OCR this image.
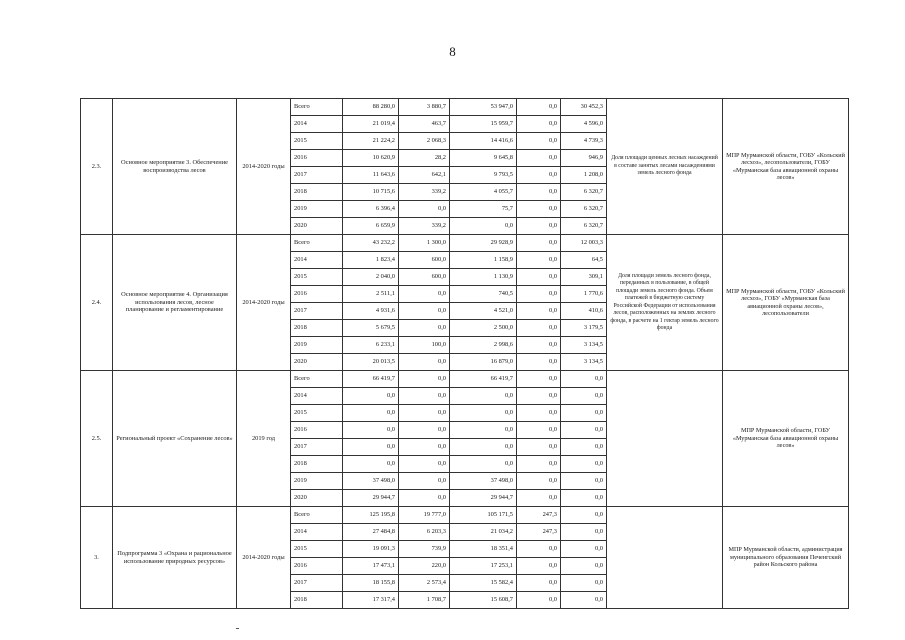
8
2.3.	Основное мероприятие 3. Обеспечение воспроизводства лесов	2014-2020 годы	Всего	88 280,0	3 880,7	53 947,0	0,0	30 452,3	Доля площади ценных лесных насаждений в составе занятых лесами насаждениями земель лесного фонда	МПР Мурманской области, ГОБУ «Кольский лесхоз», лесопользователи, ГОБУ «Мурманская база авиационной охраны лесов»
			2014	21 019,4	463,7	15 959,7	0,0	4 596,0		
			2015	21 224,2	2 068,3	14 416,6	0,0	4 739,3		
			2016	10 620,9	28,2	9 645,8	0,0	946,9		
			2017	11 643,6	642,1	9 793,5	0,0	1 208,0		
			2018	10 715,6	339,2	4 055,7	0,0	6 320,7		
			2019	6 396,4	0,0	75,7	0,0	6 320,7		
			2020	6 659,9	339,2	0,0	0,0	6 320,7		
2.4.	Основное мероприятие 4. Организация использования лесов, лесное планирование и регламентирование	2014-2020 годы	Всего	43 232,2	1 300,0	29 928,9	0,0	12 003,3	Доля площади земель лесного фонда, переданных в пользование, в общей площади земель лесного фонда. Объем платежей в бюджетную систему Российской Федерации от использования лесов, расположенных на землях лесного фонда, в расчете на 1 гектар земель лесного фонда	МПР Мурманской области, ГОБУ «Кольский лесхоз», ГОБУ «Мурманская база авиационной охраны лесов», лесопользователи
			2014	1 823,4	600,0	1 158,9	0,0	64,5		
			2015	2 040,0	600,0	1 130,9	0,0	309,1		
			2016	2 511,1	0,0	740,5	0,0	1 770,6		
			2017	4 931,6	0,0	4 521,0	0,0	410,6		
			2018	5 679,5	0,0	2 500,0	0,0	3 179,5		
			2019	6 233,1	100,0	2 998,6	0,0	3 134,5		
			2020	20 013,5	0,0	16 879,0	0,0	3 134,5		
2.5.	Региональный проект «Сохранение лесов»	2019 год	Всего	66 419,7	0,0	66 419,7	0,0	0,0		МПР Мурманской области, ГОБУ «Мурманская база авиационной охраны лесов»
			2014	0,0	0,0	0,0	0,0	0,0		
			2015	0,0	0,0	0,0	0,0	0,0		
			2016	0,0	0,0	0,0	0,0	0,0		
			2017	0,0	0,0	0,0	0,0	0,0		
			2018	0,0	0,0	0,0	0,0	0,0		
			2019	37 498,0	0,0	37 498,0	0,0	0,0		
			2020	29 944,7	0,0	29 944,7	0,0	0,0		
3.	Подпрограмма 3 «Охрана и рациональное использование природных ресурсов»	2014-2020 годы	Всего	125 195,8	19 777,0	105 171,5	247,3	0,0		МПР Мурманской области, администрация муниципального образования Печенгский район Кольского района
			2014	27 484,8	6 203,3	21 034,2	247,3	0,0		
			2015	19 091,3	739,9	18 351,4	0,0	0,0		
			2016	17 473,1	220,0	17 253,1	0,0	0,0		
			2017	18 155,8	2 573,4	15 582,4	0,0	0,0		
			2018	17 317,4	1 708,7	15 608,7	0,0	0,0		
